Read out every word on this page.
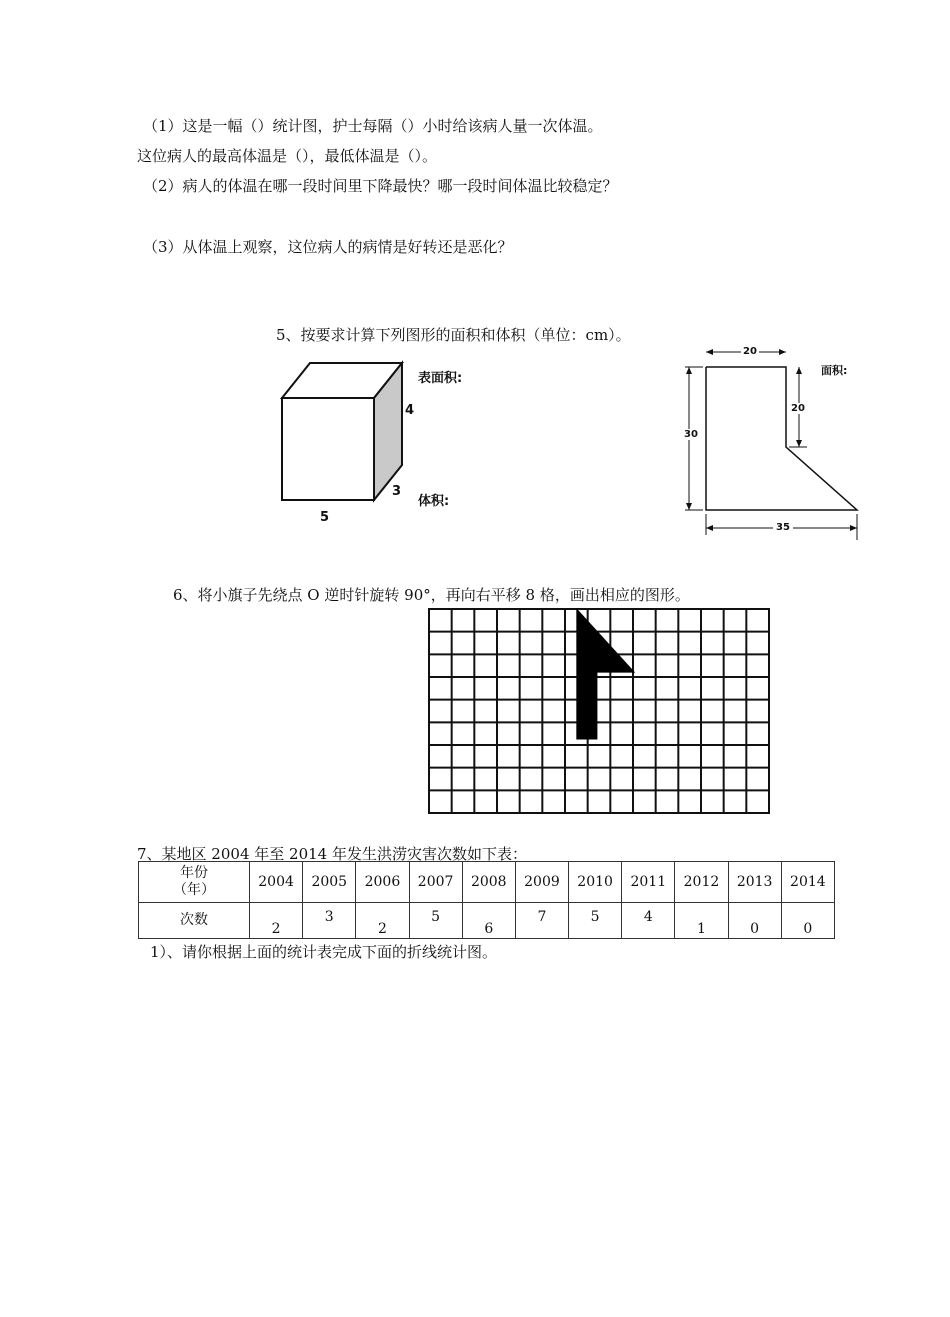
（1）这是一幅（）统计图，护士每隔（）小时给该病人量一次体温。
这位病人的最高体温是（），最低体温是（）。
（2）病人的体温在哪一段时间里下降最快？哪一段时间体温比较稳定？
（3）从体温上观察，这位病人的病情是好转还是恶化？
5、按要求计算下列图形的面积和体积（单位：cm）。
表面积:
体积:
4
3
5
20
20
30
35
面积:
6、将小旗子先绕点 O 逆时针旋转 90°，再向右平移 8 格，画出相应的图形。
7、某地区 2004 年至 2014 年发生洪涝灾害次数如下表：
年份
（年）	2004	2005	2006	2007	2008	2009	2010	2011	2012	2013	2014
次数	2	3	2	5	6	7	5	4	1	0	0
1）、请你根据上面的统计表完成下面的折线统计图。
